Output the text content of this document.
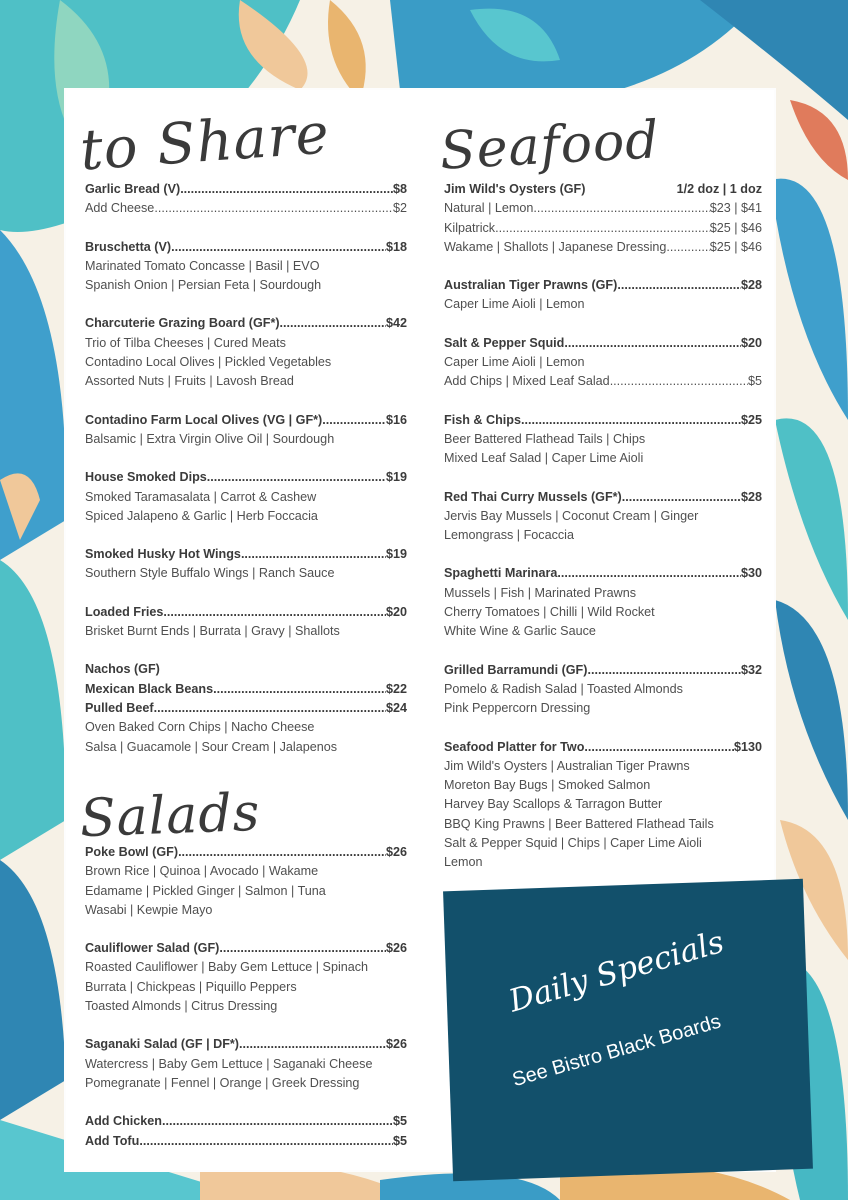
to Share Seafood
Salads
Garlic Bread (V) .....	$8
Add Cheese .....	$2
Bruschetta (V) .....	$18
Marinated Tomato Concasse | Basil | EVO
Spanish Onion | Persian Feta | Sourdough
Charcuterie Grazing Board (GF*) .....	$42
Trio of Tilba Cheeses | Cured Meats
Contadino Local Olives | Pickled Vegetables
Assorted Nuts | Fruits | Lavosh Bread
Contadino Farm Local Olives (VG | GF*) .....	$16
Balsamic | Extra Virgin Olive Oil | Sourdough
House Smoked Dips .....	$19
Smoked Taramasalata | Carrot & Cashew
Spiced Jalapeno & Garlic | Herb Foccacia
Smoked Husky Hot Wings .....	$19
Southern Style Buffalo Wings | Ranch Sauce
Loaded Fries .....	$20
Brisket Burnt Ends | Burrata | Gravy | Shallots
Nachos (GF)
Mexican Black Beans .....	$22
Pulled Beef .....	$24
Oven Baked Corn Chips | Nacho Cheese
Salsa | Guacamole | Sour Cream | Jalapenos
Poke Bowl (GF) .....	$26
Brown Rice | Quinoa | Avocado | Wakame
Edamame | Pickled Ginger | Salmon | Tuna
Wasabi | Kewpie Mayo
Cauliflower Salad (GF) .....	$26
Roasted Cauliflower | Baby Gem Lettuce | Spinach
Burrata | Chickpeas | Piquillo Peppers
Toasted Almonds | Citrus Dressing
Saganaki Salad (GF | DF*) .....	$26
Watercress | Baby Gem Lettuce | Saganaki Cheese
Pomegranate | Fennel | Orange | Greek Dressing
Add Chicken .....	$5
Add Tofu .....	$5
Jim Wild's Oysters (GF)	1/2 doz | 1 doz
Natural | Lemon .....	$23 | $41
Kilpatrick .....	$25 | $46
Wakame | Shallots | Japanese Dressing .....	$25 | $46
Australian Tiger Prawns (GF) .....	$28
Caper Lime Aioli | Lemon
Salt & Pepper Squid .....	$20
Caper Lime Aioli | Lemon
Add Chips | Mixed Leaf Salad .....	$5
Fish & Chips .....	$25
Beer Battered Flathead Tails | Chips
Mixed Leaf Salad | Caper Lime Aioli
Red Thai Curry Mussels (GF*) .....	$28
Jervis Bay Mussels | Coconut Cream | Ginger
Lemongrass | Focaccia
Spaghetti Marinara .....	$30
Mussels | Fish | Marinated Prawns
Cherry Tomatoes | Chilli | Wild Rocket
White Wine & Garlic Sauce
Grilled Barramundi (GF) .....	$32
Pomelo & Radish Salad | Toasted Almonds
Pink Peppercorn Dressing
Seafood Platter for Two .....	$130
Jim Wild's Oysters | Australian Tiger Prawns
Moreton Bay Bugs | Smoked Salmon
Harvey Bay Scallops & Tarragon Butter
BBQ King Prawns | Beer Battered Flathead Tails
Salt & Pepper Squid | Chips | Caper Lime Aioli
Lemon
Daily Specials
See Bistro Black Boards
